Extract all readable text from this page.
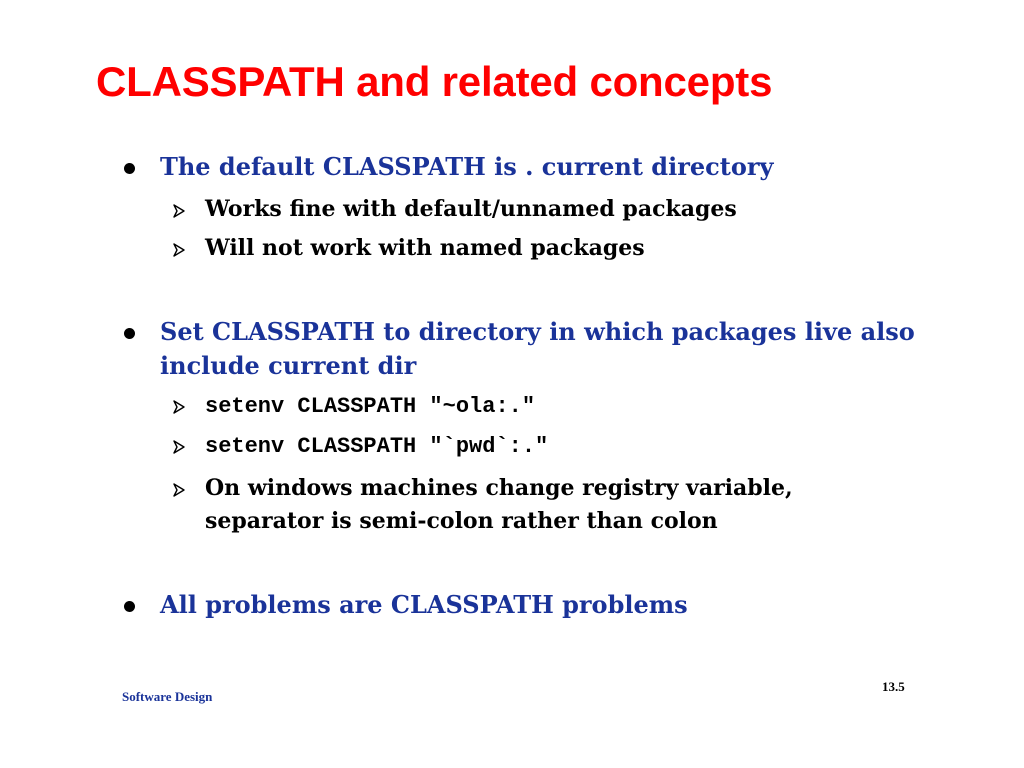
CLASSPATH and related concepts
The default CLASSPATH is . current directory
Works fine with default/unnamed packages
Will not work with named packages
Set CLASSPATH to directory in which packages live also include current dir
setenv CLASSPATH "~ola:."
setenv CLASSPATH "`pwd`:."
On windows machines change registry variable, separator is semi-colon rather than colon
All problems are CLASSPATH problems
Software Design
13.5
